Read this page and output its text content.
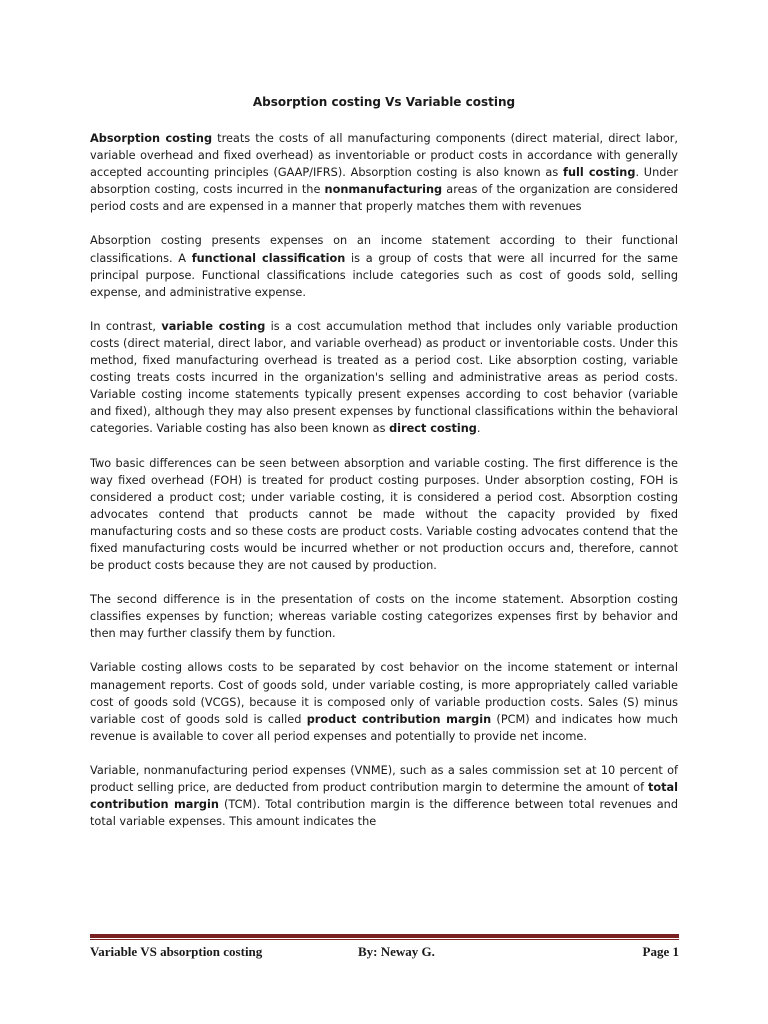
Absorption costing Vs Variable costing

Absorption costing treats the costs of all manufacturing components (direct material, direct labor, variable overhead and fixed overhead) as inventoriable or product costs in accordance with generally accepted accounting principles (GAAP/IFRS). Absorption costing is also known as full costing. Under absorption costing, costs incurred in the nonmanufacturing areas of the organization are considered period costs and are expensed in a manner that properly matches them with revenues

Absorption costing presents expenses on an income statement according to their functional classifications. A functional classification is a group of costs that were all incurred for the same principal purpose. Functional classifications include categories such as cost of goods sold, selling expense, and administrative expense.

In contrast, variable costing is a cost accumulation method that includes only variable production costs (direct material, direct labor, and variable overhead) as product or inventoriable costs. Under this method, fixed manufacturing overhead is treated as a period cost. Like absorption costing, variable costing treats costs incurred in the organization's selling and administrative areas as period costs. Variable costing income statements typically present expenses according to cost behavior (variable and fixed), although they may also present expenses by functional classifications within the behavioral categories. Variable costing has also been known as direct costing.

Two basic differences can be seen between absorption and variable costing. The first difference is the way fixed overhead (FOH) is treated for product costing purposes. Under absorption costing, FOH is considered a product cost; under variable costing, it is considered a period cost. Absorption costing advocates contend that products cannot be made without the capacity provided by fixed manufacturing costs and so these costs are product costs. Variable costing advocates contend that the fixed manufacturing costs would be incurred whether or not production occurs and, therefore, cannot be product costs because they are not caused by production.

The second difference is in the presentation of costs on the income statement. Absorption costing classifies expenses by function; whereas variable costing categorizes expenses first by behavior and then may further classify them by function.

Variable costing allows costs to be separated by cost behavior on the income statement or internal management reports. Cost of goods sold, under variable costing, is more appropriately called variable cost of goods sold (VCGS), because it is composed only of variable production costs. Sales (S) minus variable cost of goods sold is called product contribution margin (PCM) and indicates how much revenue is available to cover all period expenses and potentially to provide net income.

Variable, nonmanufacturing period expenses (VNME), such as a sales commission set at 10 percent of product selling price, are deducted from product contribution margin to determine the amount of total contribution margin (TCM). Total contribution margin is the difference between total revenues and total variable expenses. This amount indicates the

Variable VS absorption costing	By: Neway G.	Page 1
